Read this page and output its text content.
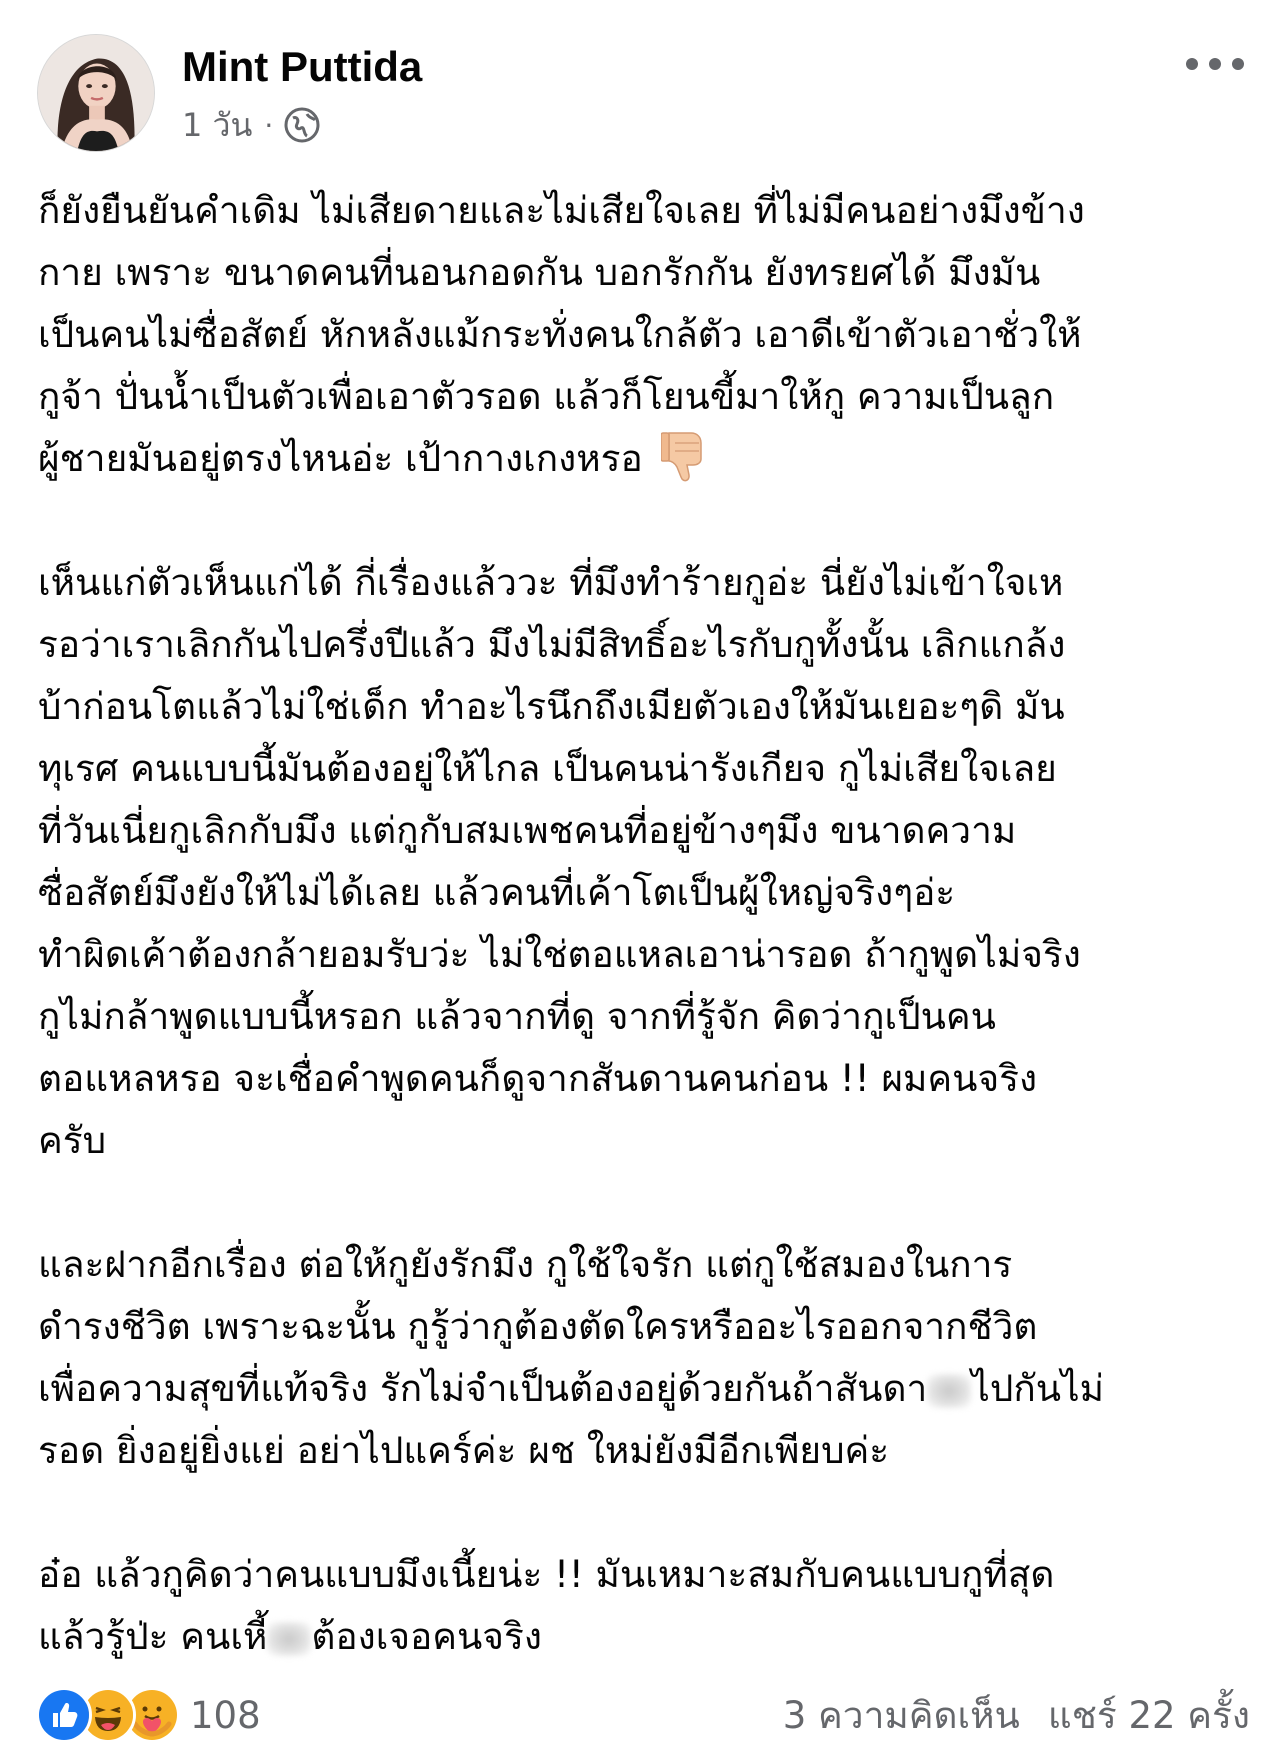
Mint Puttida
1 วัน ·
ก็ยังยืนยันคำเดิม ไม่เสียดายและไม่เสียใจเลย ที่ไม่มีคนอย่างมึงข้าง
กาย เพราะ ขนาดคนที่นอนกอดกัน บอกรักกัน ยังทรยศได้ มึงมัน
เป็นคนไม่ซื่อสัตย์ หักหลังแม้กระทั่งคนใกล้ตัว เอาดีเข้าตัวเอาชั่วให้
กูจ้า ปั่นน้ำเป็นตัวเพื่อเอาตัวรอด แล้วก็โยนขี้มาให้กู ความเป็นลูก
ผู้ชายมันอยู่ตรงไหนอ่ะ เป้ากางเกงหรอ
เห็นแก่ตัวเห็นแก่ได้ กี่เรื่องแล้ววะ ที่มึงทำร้ายกูอ่ะ นี่ยังไม่เข้าใจเห
รอว่าเราเลิกกันไปครึ่งปีแล้ว มึงไม่มีสิทธิ์อะไรกับกูทั้งนั้น เลิกแกล้ง
บ้าก่อนโตแล้วไม่ใช่เด็ก ทำอะไรนึกถึงเมียตัวเองให้มันเยอะๆดิ มัน
ทุเรศ คนแบบนี้มันต้องอยู่ให้ไกล เป็นคนน่ารังเกียจ กูไม่เสียใจเลย
ที่วันเนี่ยกูเลิกกับมึง แต่กูกับสมเพชคนที่อยู่ข้างๆมึง ขนาดความ
ซื่อสัตย์มึงยังให้ไม่ได้เลย แล้วคนที่เค้าโตเป็นผู้ใหญ่จริงๆอ่ะ
ทำผิดเค้าต้องกล้ายอมรับว่ะ ไม่ใช่ตอแหลเอาน่ารอด ถ้ากูพูดไม่จริง
กูไม่กล้าพูดแบบนี้หรอก แล้วจากที่ดู จากที่รู้จัก คิดว่ากูเป็นคน
ตอแหลหรอ จะเชื่อคำพูดคนก็ดูจากสันดานคนก่อน !! ผมคนจริง
ครับ
และฝากอีกเรื่อง ต่อให้กูยังรักมึง กูใช้ใจรัก แต่กูใช้สมองในการ
ดำรงชีวิต เพราะฉะนั้น กูรู้ว่ากูต้องตัดใครหรืออะไรออกจากชีวิต
เพื่อความสุขที่แท้จริง รักไม่จำเป็นต้องอยู่ด้วยกันถ้าสันดา ไปกันไม่
รอด ยิ่งอยู่ยิ่งแย่ อย่าไปแคร์ค่ะ ผช ใหม่ยังมีอีกเพียบค่ะ
อ๋อ แล้วกูคิดว่าคนแบบมึงเนี้ยน่ะ !! มันเหมาะสมกับคนแบบกูที่สุด
แล้วรู้ป่ะ คนเหี้ ต้องเจอคนจริง
108	3 ความคิดเห็น แชร์ 22 ครั้ง
